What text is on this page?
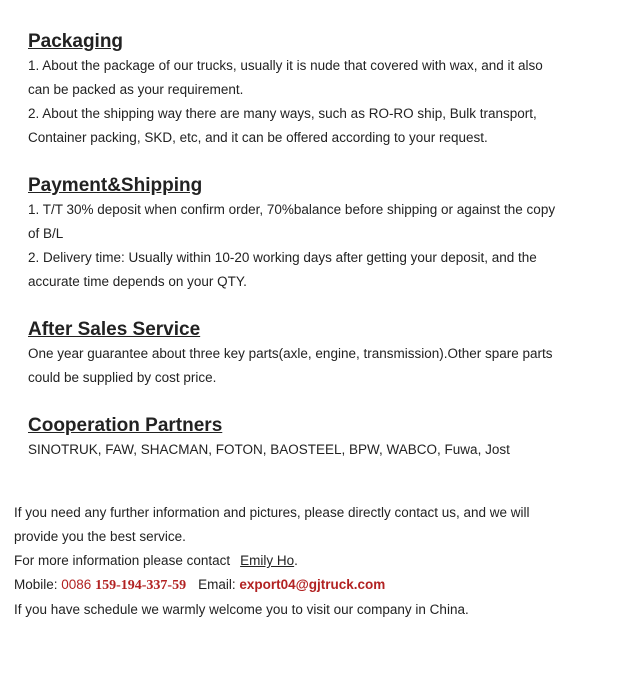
Packaging
1. About the package of our trucks, usually it is nude that covered with wax, and it also
can be packed as your requirement.
2. About the shipping way there are many ways, such as RO-RO ship, Bulk transport,
Container packing, SKD, etc, and it can be offered according to your request.
Payment&Shipping
1. T/T 30% deposit when confirm order, 70%balance before shipping or against the copy
of B/L
2. Delivery time: Usually within 10-20 working days after getting your deposit, and the
accurate time depends on your QTY.
After Sales Service
One year guarantee about three key parts(axle, engine, transmission).Other spare parts
could be supplied by cost price.
Cooperation Partners
SINOTRUK, FAW, SHACMAN, FOTON, BAOSTEEL, BPW, WABCO, Fuwa, Jost
If you need any further information and pictures, please directly contact us, and we will
provide you the best service.
For more information please contact Emily Ho.
Mobile: 0086 159-194-337-59 Email: export04@gjtruck.com
If you have schedule we warmly welcome you to visit our company in China.
